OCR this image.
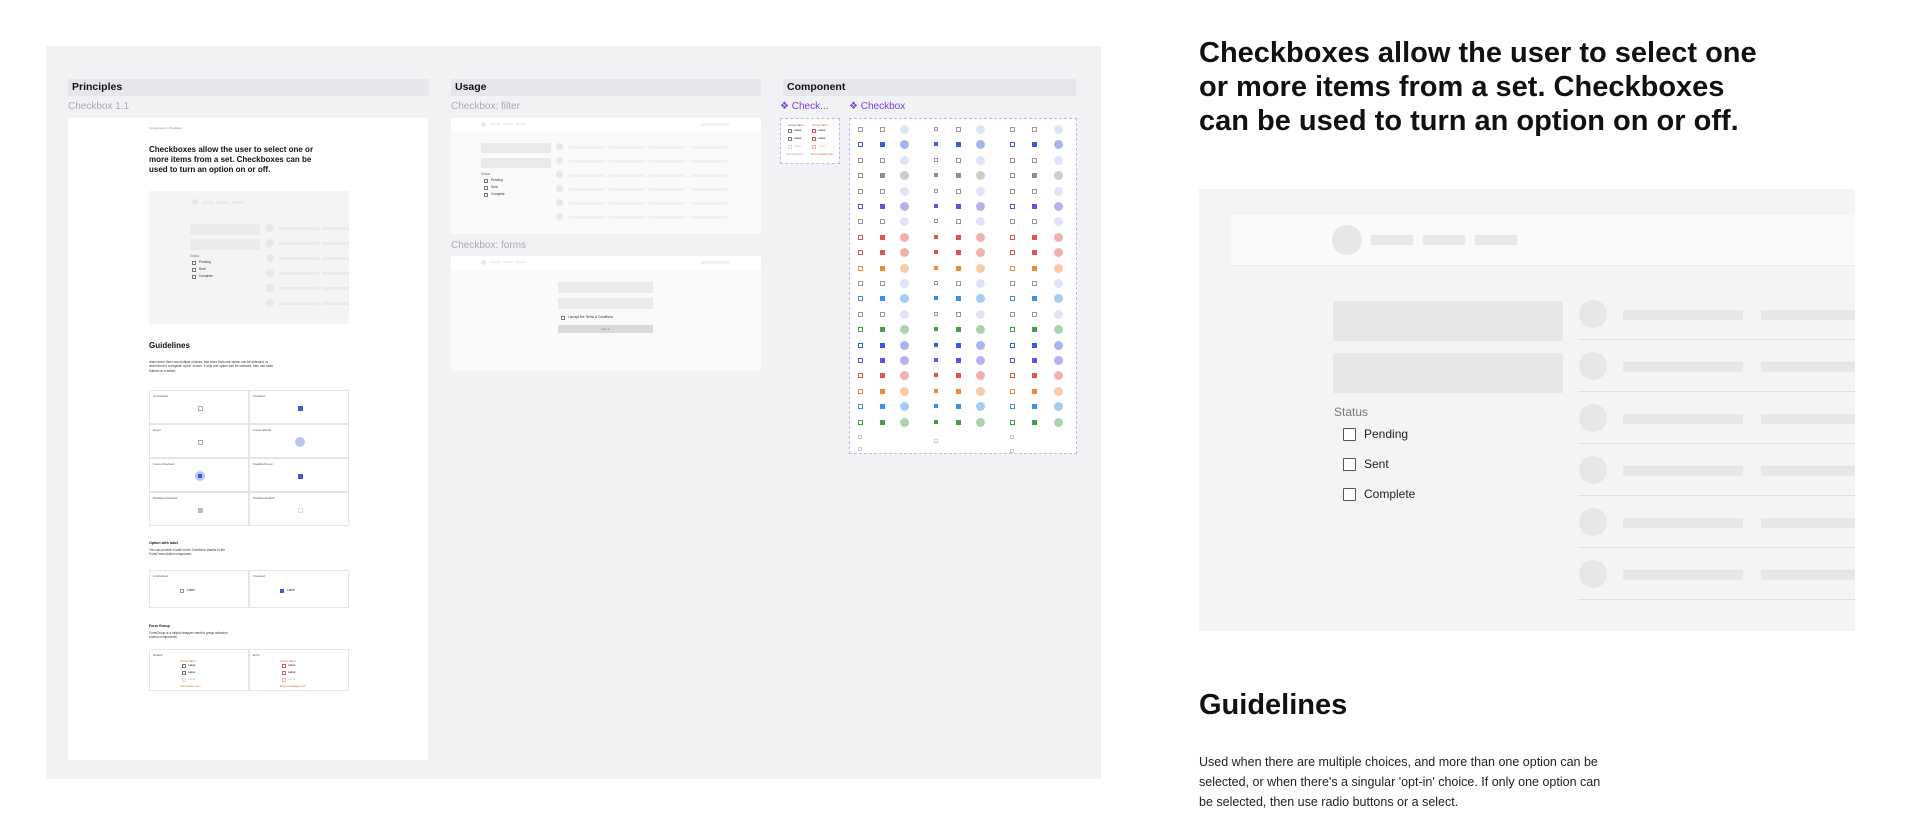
Principles	Usage	Component
Checkbox 1.1	Checkbox: filter
Checkbox: forms
❖ Check... ❖ Checkbox
Components / Checkbox
Checkboxes allow the user to select one or more items from a set. Checkboxes can be used to turn an option on or off.
Status
Pending
Sent
Complete
Guidelines
Used when there are multiple choices, and more than one option can be selected, or when there's a singular 'opt-in' choice. If only one option can be selected, then use radio buttons or a select.
Unchecked	Checked
Hover	Focus default
Focus Checked	Disabled hover
Disabled Checked	Disabled default
Option with label
You can provide a label to the Checkbox thanks to the FormControlLabel component.
Unchecked
Label
Checked
Label
Form Group
FormGroup is a helpful wrapper used to group selection control components.
Default
Group label
Label
Label
Label
Informative text
Error
Group label
Label
Label
Label
Error message text
Status
Pending
Sent
Complete
I accept the Terms & Conditions
Sign in
Group label	Group label
Label	Label
Label	Label
Label	Label
Informative text	Error message text
Checkboxes allow the user to select one or more items from a set. Checkboxes can be used to turn an option on or off.
Status
Pending
Sent
Complete
Guidelines
Used when there are multiple choices, and more than one option can be selected, or when there's a singular 'opt-in' choice. If only one option can be selected, then use radio buttons or a select.
